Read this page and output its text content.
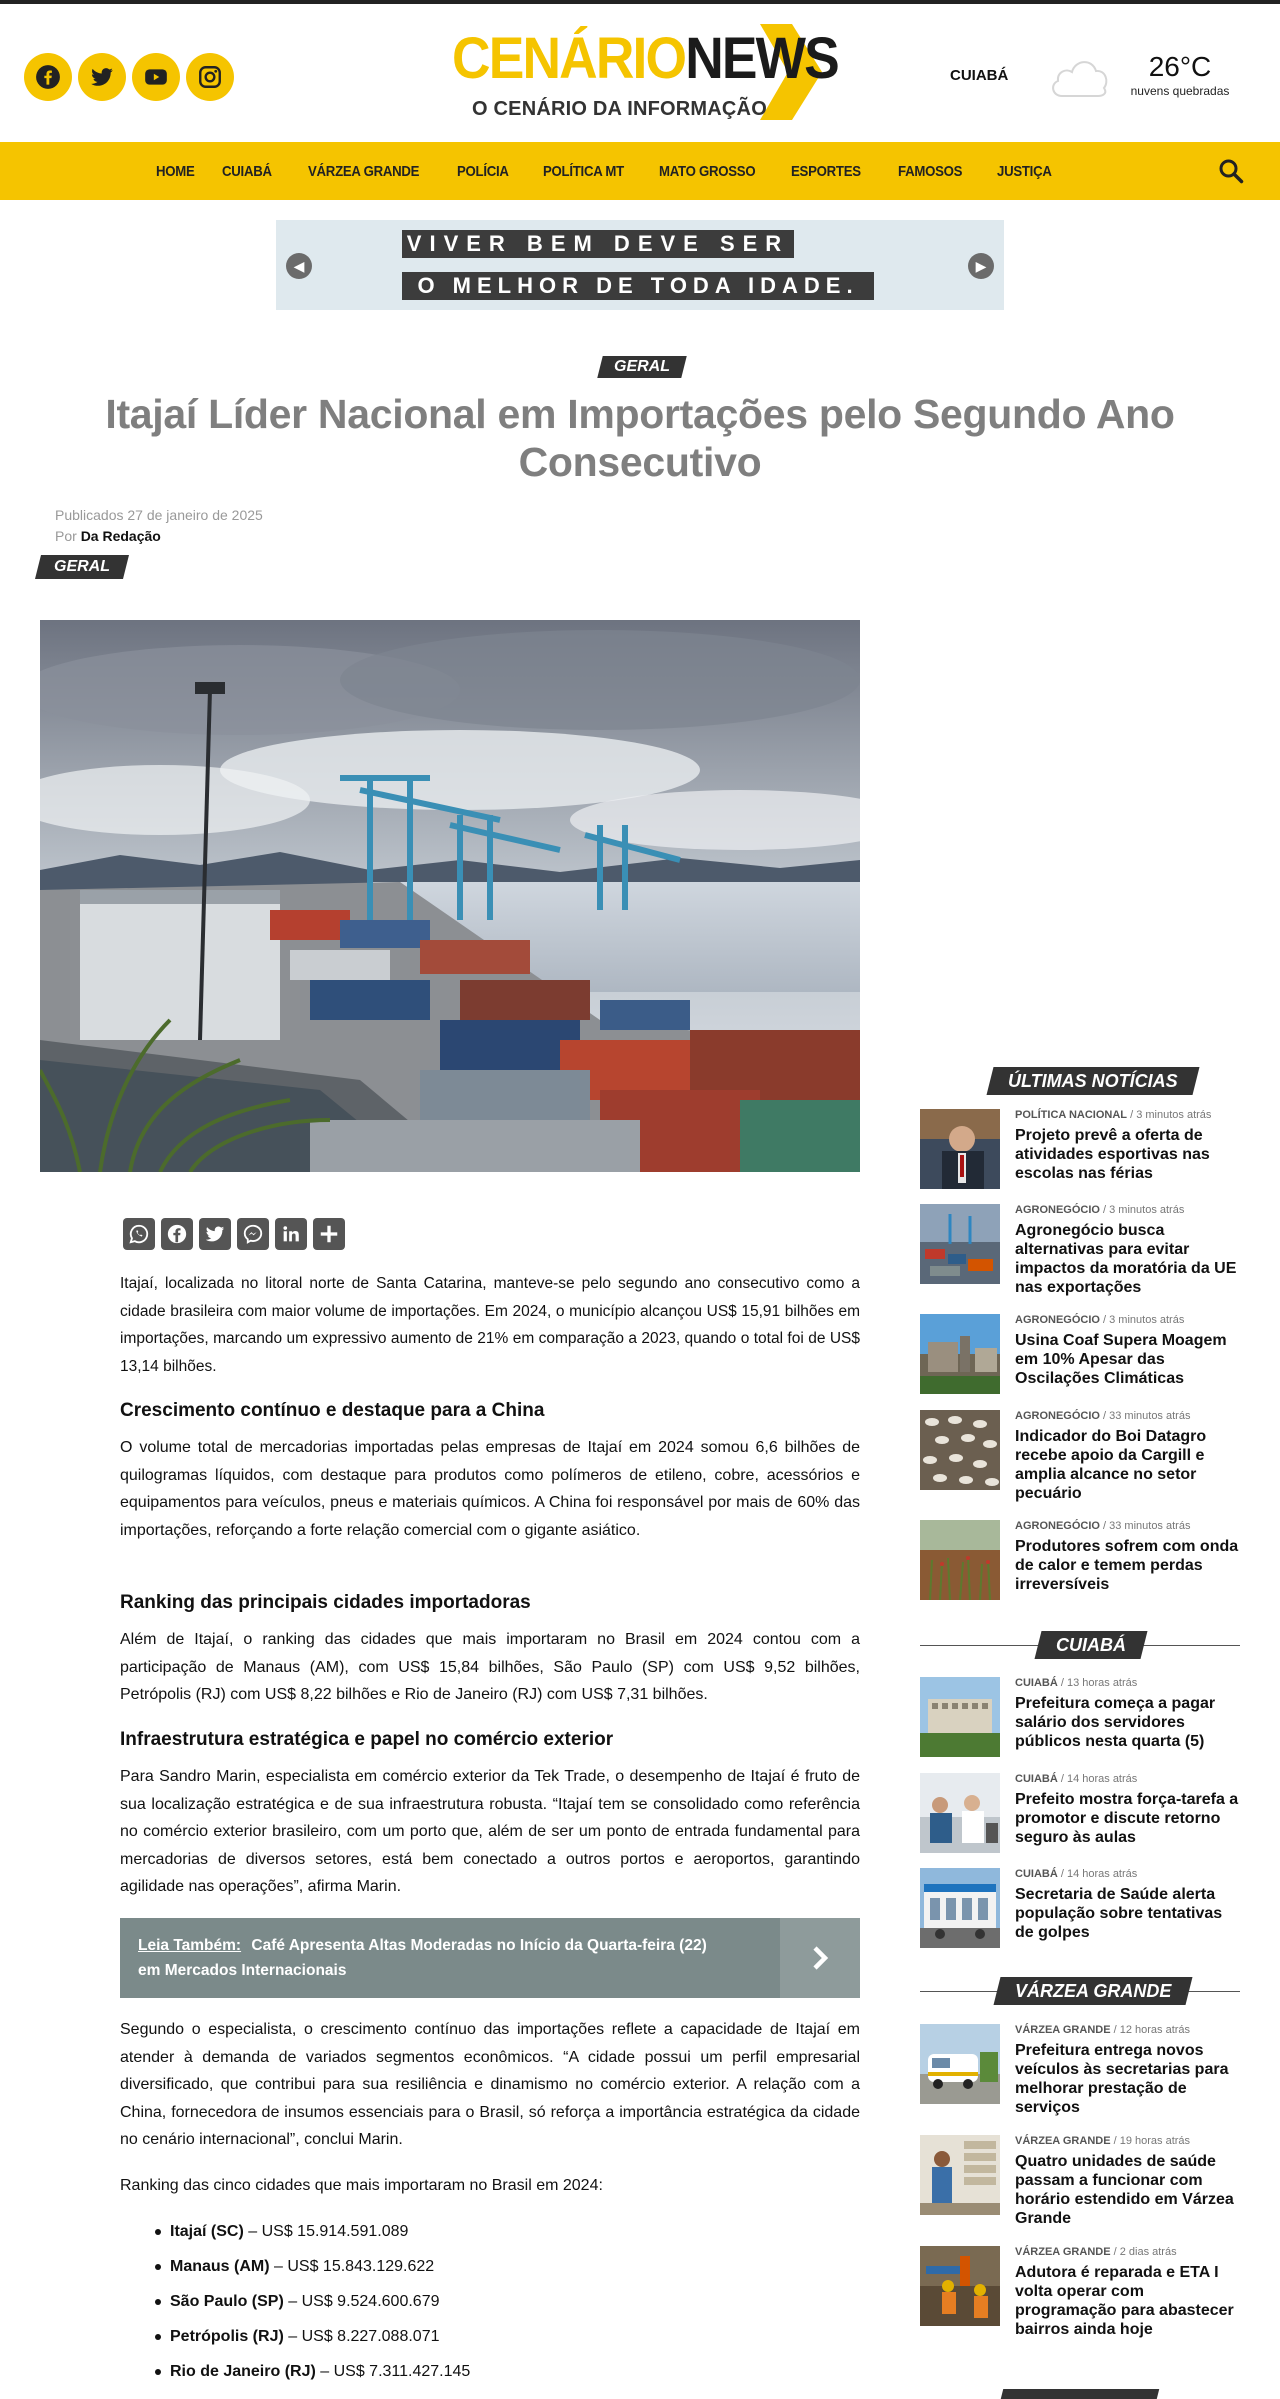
CENÁRIONEWS
O CENÁRIO DA INFORMAÇÃO
CUIABÁ	26°C
nuvens quebradas
HOME CUIABÁ VÁRZEA GRANDE POLÍCIA POLÍTICA MT MATO GROSSO ESPORTES	FAMOSOS JUSTIÇA
VIVER BEM DEVE SER
O MELHOR DE TODA IDADE.
◀	▶
GERAL
Itajaí Líder Nacional em Importações pelo Segundo Ano Consecutivo
Publicados 27 de janeiro de 2025
Por Da Redação
GERAL

Itajaí, localizada no litoral norte de Santa Catarina, manteve-se pelo segundo ano consecutivo como a cidade brasileira com maior volume de importações. Em 2024, o município alcançou US$ 15,91 bilhões em importações, marcando um expressivo aumento de 21% em comparação a 2023, quando o total foi de US$ 13,14 bilhões.

Crescimento contínuo e destaque para a China

O volume total de mercadorias importadas pelas empresas de Itajaí em 2024 somou 6,6 bilhões de quilogramas líquidos, com destaque para produtos como polímeros de etileno, cobre, acessórios e equipamentos para veículos, pneus e materiais químicos. A China foi responsável por mais de 60% das importações, reforçando a forte relação comercial com o gigante asiático.

Ranking das principais cidades importadoras

Além de Itajaí, o ranking das cidades que mais importaram no Brasil em 2024 contou com a participação de Manaus (AM), com US$ 15,84 bilhões, São Paulo (SP) com US$ 9,52 bilhões, Petrópolis (RJ) com US$ 8,22 bilhões e Rio de Janeiro (RJ) com US$ 7,31 bilhões.

Infraestrutura estratégica e papel no comércio exterior

Para Sandro Marin, especialista em comércio exterior da Tek Trade, o desempenho de Itajaí é fruto de sua localização estratégica e de sua infraestrutura robusta. “Itajaí tem se consolidado como referência no comércio exterior brasileiro, com um porto que, além de ser um ponto de entrada fundamental para mercadorias de diversos setores, está bem conectado a outros portos e aeroportos, garantindo agilidade nas operações”, afirma Marin.

Leia Também: Café Apresenta Altas Moderadas no Início da Quarta-feira (22) em Mercados Internacionais

Segundo o especialista, o crescimento contínuo das importações reflete a capacidade de Itajaí em atender à demanda de variados segmentos econômicos. “A cidade possui um perfil empresarial diversificado, que contribui para sua resiliência e dinamismo no comércio exterior. A relação com a China, fornecedora de insumos essenciais para o Brasil, só reforça a importância estratégica da cidade no cenário internacional”, conclui Marin.

Ranking das cinco cidades que mais importaram no Brasil em 2024:

Itajaí (SC) – US$ 15.914.591.089
Manaus (AM) – US$ 15.843.129.622
São Paulo (SP) – US$ 9.524.600.679
Petrópolis (RJ) – US$ 8.227.088.071
Rio de Janeiro (RJ) – US$ 7.311.427.145
ÚLTIMAS NOTÍCIAS
POLÍTICA NACIONAL / 3 minutos atrás
Projeto prevê a oferta de atividades esportivas nas escolas nas férias
AGRONEGÓCIO / 3 minutos atrás
Agronegócio busca alternativas para evitar impactos da moratória da UE nas exportações
AGRONEGÓCIO / 3 minutos atrás
Usina Coaf Supera Moagem em 10% Apesar das Oscilações Climáticas
AGRONEGÓCIO / 33 minutos atrás
Indicador do Boi Datagro recebe apoio da Cargill e amplia alcance no setor pecuário
AGRONEGÓCIO / 33 minutos atrás
Produtores sofrem com onda de calor e temem perdas irreversíveis
CUIABÁ
CUIABÁ / 13 horas atrás
Prefeitura começa a pagar salário dos servidores públicos nesta quarta (5)
CUIABÁ / 14 horas atrás
Prefeito mostra força-tarefa a promotor e discute retorno seguro às aulas
CUIABÁ / 14 horas atrás
Secretaria de Saúde alerta população sobre tentativas de golpes
VÁRZEA GRANDE
VÁRZEA GRANDE / 12 horas atrás
Prefeitura entrega novos veículos às secretarias para melhorar prestação de serviços
VÁRZEA GRANDE / 19 horas atrás
Quatro unidades de saúde passam a funcionar com horário estendido em Várzea Grande
VÁRZEA GRANDE / 2 dias atrás
Adutora é reparada e ETA I volta operar com programação para abastecer bairros ainda hoje
